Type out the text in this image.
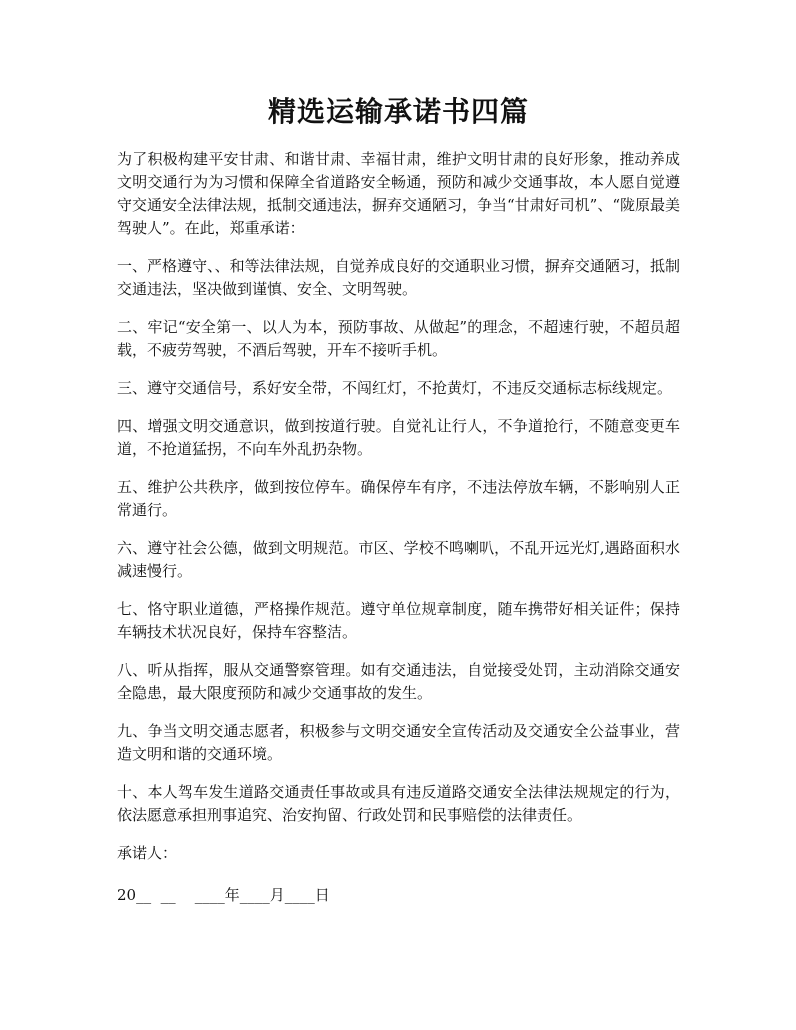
精选运输承诺书四篇

为了积极构建平安甘肃、和谐甘肃、幸福甘肃，维护文明甘肃的良好形象，推动养成文明交通行为为习惯和保障全省道路安全畅通，预防和减少交通事故，本人愿自觉遵守交通安全法律法规，抵制交通违法，摒弃交通陋习，争当“甘肃好司机”、“陇原最美驾驶人”。在此，郑重承诺：

一、严格遵守、、和等法律法规，自觉养成良好的交通职业习惯，摒弃交通陋习，抵制交通违法，坚决做到谨慎、安全、文明驾驶。

二、牢记“安全第一、以人为本，预防事故、从做起”的理念，不超速行驶，不超员超载，不疲劳驾驶，不酒后驾驶，开车不接听手机。

三、遵守交通信号，系好安全带，不闯红灯，不抢黄灯，不违反交通标志标线规定。

四、增强文明交通意识，做到按道行驶。自觉礼让行人，不争道抢行，不随意变更车道，不抢道猛拐，不向车外乱扔杂物。

五、维护公共秩序，做到按位停车。确保停车有序，不违法停放车辆，不影响别人正常通行。

六、遵守社会公德，做到文明规范。市区、学校不鸣喇叭，不乱开远光灯,遇路面积水减速慢行。

七、恪守职业道德，严格操作规范。遵守单位规章制度，随车携带好相关证件；保持车辆技术状况良好，保持车容整洁。

八、听从指挥，服从交通警察管理。如有交通违法，自觉接受处罚，主动消除交通安全隐患，最大限度预防和减少交通事故的发生。

九、争当文明交通志愿者，积极参与文明交通安全宣传活动及交通安全公益事业，营造文明和谐的交通环境。

十、本人驾车发生道路交通责任事故或具有违反道路交通安全法律法规规定的行为，依法愿意承担刑事追究、治安拘留、行政处罚和民事赔偿的法律责任。

承诺人：

20__  __    ____年____月____日
